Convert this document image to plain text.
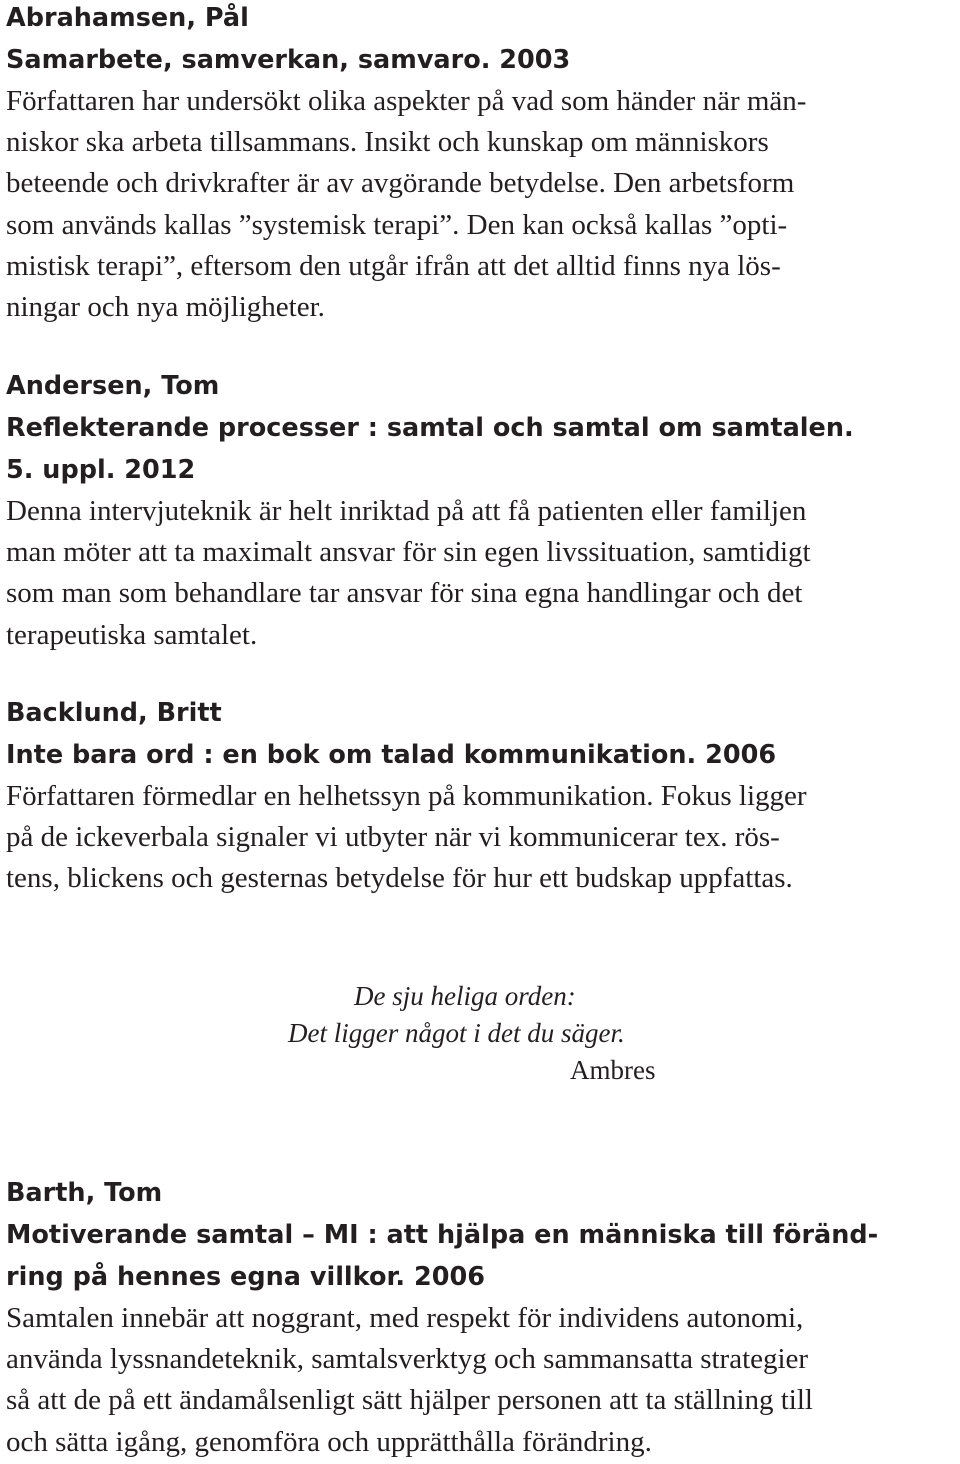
Abrahamsen, Pål

Samarbete, samverkan, samvaro. 2003

Författaren har undersökt olika aspekter på vad som händer när män-
niskor ska arbeta tillsammans. Insikt och kunskap om människors
beteende och drivkrafter är av avgörande betydelse. Den arbetsform
som används kallas ”systemisk terapi”. Den kan också kallas ”opti-
mistisk terapi”, eftersom den utgår ifrån att det alltid finns nya lös-
ningar och nya möjligheter.

Andersen, Tom

Reflekterande processer : samtal och samtal om samtalen.
5. uppl. 2012

Denna intervjuteknik är helt inriktad på att få patienten eller familjen
man möter att ta maximalt ansvar för sin egen livssituation, samtidigt
som man som behandlare tar ansvar för sina egna handlingar och det
terapeutiska samtalet.

Backlund, Britt

Inte bara ord : en bok om talad kommunikation. 2006

Författaren förmedlar en helhetssyn på kommunikation. Fokus ligger
på de ickeverbala signaler vi utbyter när vi kommunicerar tex. rös-
tens, blickens och gesternas betydelse för hur ett budskap uppfattas.

Barth, Tom

Motiverande samtal – MI : att hjälpa en människa till föränd-
ring på hennes egna villkor. 2006

Samtalen innebär att noggrant, med respekt för individens autonomi,
använda lyssnandeteknik, samtalsverktyg och sammansatta strategier
så att de på ett ändamålsenligt sätt hjälper personen att ta ställning till
och sätta igång, genomföra och upprätthålla förändring.

De sju heliga orden:
Det ligger något i det du säger.
Ambres
